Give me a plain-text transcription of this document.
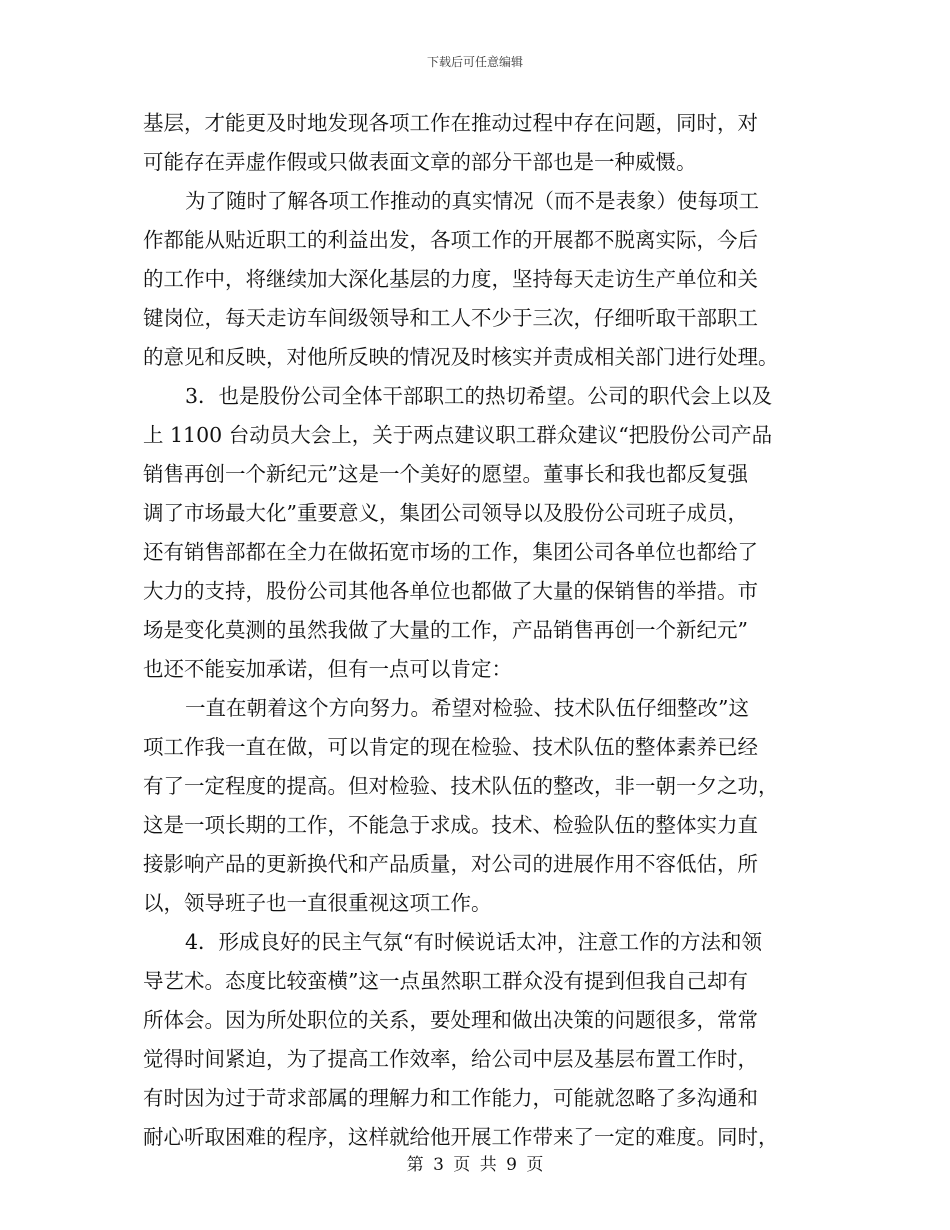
下载后可任意编辑
基层，才能更及时地发现各项工作在推动过程中存在问题，同时，对
可能存在弄虚作假或只做表面文章的部分干部也是一种威慑。
为了随时了解各项工作推动的真实情况（而不是表象）使每项工
作都能从贴近职工的利益出发，各项工作的开展都不脱离实际，今后
的工作中，将继续加大深化基层的力度，坚持每天走访生产单位和关
键岗位，每天走访车间级领导和工人不少于三次，仔细听取干部职工
的意见和反映，对他所反映的情况及时核实并责成相关部门进行处理。
3．也是股份公司全体干部职工的热切希望。公司的职代会上以及
上 1100 台动员大会上，关于两点建议职工群众建议“把股份公司产品
销售再创一个新纪元”这是一个美好的愿望。董事长和我也都反复强
调了市场最大化”重要意义，集团公司领导以及股份公司班子成员，
还有销售部都在全力在做拓宽市场的工作，集团公司各单位也都给了
大力的支持，股份公司其他各单位也都做了大量的保销售的举措。市
场是变化莫测的虽然我做了大量的工作，产品销售再创一个新纪元”
也还不能妄加承诺，但有一点可以肯定：
一直在朝着这个方向努力。希望对检验、技术队伍仔细整改”这
项工作我一直在做，可以肯定的现在检验、技术队伍的整体素养已经
有了一定程度的提高。但对检验、技术队伍的整改，非一朝一夕之功，
这是一项长期的工作，不能急于求成。技术、检验队伍的整体实力直
接影响产品的更新换代和产品质量，对公司的进展作用不容低估，所
以，领导班子也一直很重视这项工作。
4．形成良好的民主气氛“有时候说话太冲，注意工作的方法和领
导艺术。态度比较蛮横”这一点虽然职工群众没有提到但我自己却有
所体会。因为所处职位的关系，要处理和做出决策的问题很多，常常
觉得时间紧迫，为了提高工作效率，给公司中层及基层布置工作时，
有时因为过于苛求部属的理解力和工作能力，可能就忽略了多沟通和
耐心听取困难的程序，这样就给他开展工作带来了一定的难度。同时，
第 3 页 共 9 页
